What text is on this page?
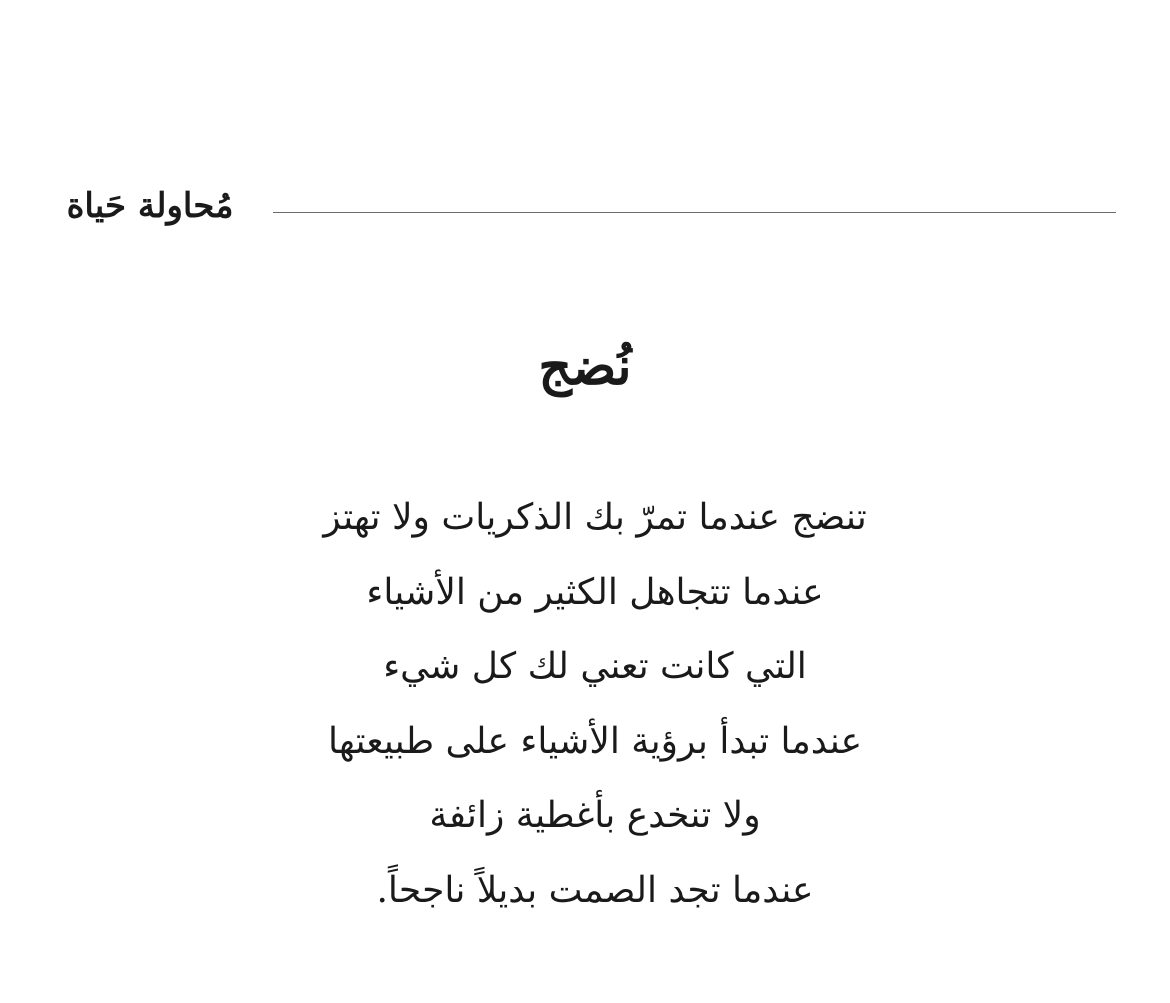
مُحاولة حَياة
نُضج
تنضج عندما تمرّ بك الذكريات ولا تهتز
عندما تتجاهل الكثير من الأشياء
التي كانت تعني لك كل شيء
عندما تبدأ برؤية الأشياء على طبيعتها
ولا تنخدع بأغطية زائفة
عندما تجد الصمت بديلاً ناجحاً.
